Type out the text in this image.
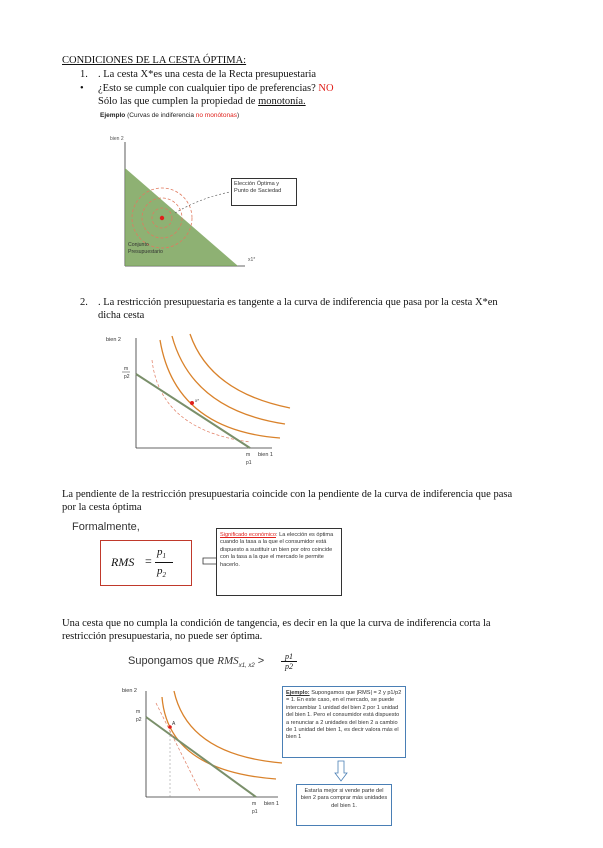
CONDICIONES DE LA CESTA ÓPTIMA:
1. . La cesta X*es una cesta de la Recta presupuestaria
• ¿Esto se cumple con cualquier tipo de preferencias? NO
Sólo las que cumplen la propiedad de monotonía.
Ejemplo (Curvas de indiferencia no monótonas)
bien 2
Conjunto
Presupuestario
x1*
Elección Óptima y Punto de Saciedad
2. . La restricción presupuestaria es tangente a la curva de indiferencia que pasa por la cesta X*en
dicha cesta
bien 2
m
p2
x*
m
p1
bien 1
La pendiente de la restricción presupuestaria coincide con la pendiente de la curva de indiferencia que pasa
por la cesta óptima
Formalmente,
RMS =
$p_1$
$p_2$
Significado económico: La elección es óptima cuando la tasa a la que el consumidor está dispuesto a sustituir un bien por otro coincide con la tasa a la que el mercado le permite hacerlo.
Una cesta que no cumpla la condición de tangencia, es decir en la que la curva de indiferencia corta la
restricción presupuestaria, no puede ser óptima.
Supongamos que $RMS_{x1, x2}$ >	p1
p2
bien 2
m
p2
A
m
p1
bien 1
Ejemplo: Supongamos que |RMS| = 2 y p1/p2 = 1. En este caso, en el mercado, se puede intercambiar 1 unidad del bien 2 por 1 unidad del bien 1. Pero el consumidor está dispuesto a renunciar a 2 unidades del bien 2 a cambio de 1 unidad del bien 1, es decir valora más el bien 1
Estaría mejor si vende parte del bien 2 para comprar más unidades del bien 1.
